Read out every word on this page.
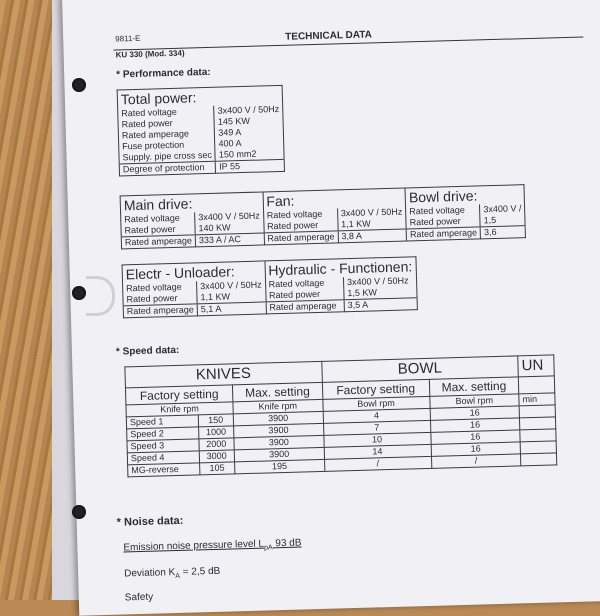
9811-E
KU 330 (Mod. 334)
TECHNICAL DATA
* Performance data:
Total power:	
Rated voltage	3x400 V / 50Hz
Rated power	145 KW
Rated amperage	349 A
Fuse protection	400 A
Supply. pipe cross sec	150 mm2
Degree of protection	IP 55
Main drive:		Fan:		Bowl drive:	
Rated voltage	3x400 V / 50Hz	Rated voltage	3x400 V / 50Hz	Rated voltage	3x400 V /
Rated power	140 KW	Rated power	1,1 KW	Rated power	1,5
Rated amperage	333 A / AC	Rated amperage	3,8 A	Rated amperage	3,6
Electr - Unloader:		Hydraulic - Functionen:	
Rated voltage	3x400 V / 50Hz	Rated voltage	3x400 V / 50Hz
Rated power	1,1 KW	Rated power	1,5 KW
Rated amperage	5,1 A	Rated amperage	3,5 A
* Speed data:
KNIVES			BOWL		UN
Factory setting		Max. setting	Factory setting	Max. setting	
Knife rpm		Knife rpm	Bowl rpm	Bowl rpm	min
Speed 1	150	3900	4	16	
Speed 2	1000	3900	7	16	
Speed 3	2000	3900	10	16	
Speed 4	3000	3900	14	16	
MG-reverse	105	195	/	/	
* Noise data:
Emission noise pressure level $L_{pA}$ 93 dB
Deviation $K_A = 2,5$ dB
Safety
